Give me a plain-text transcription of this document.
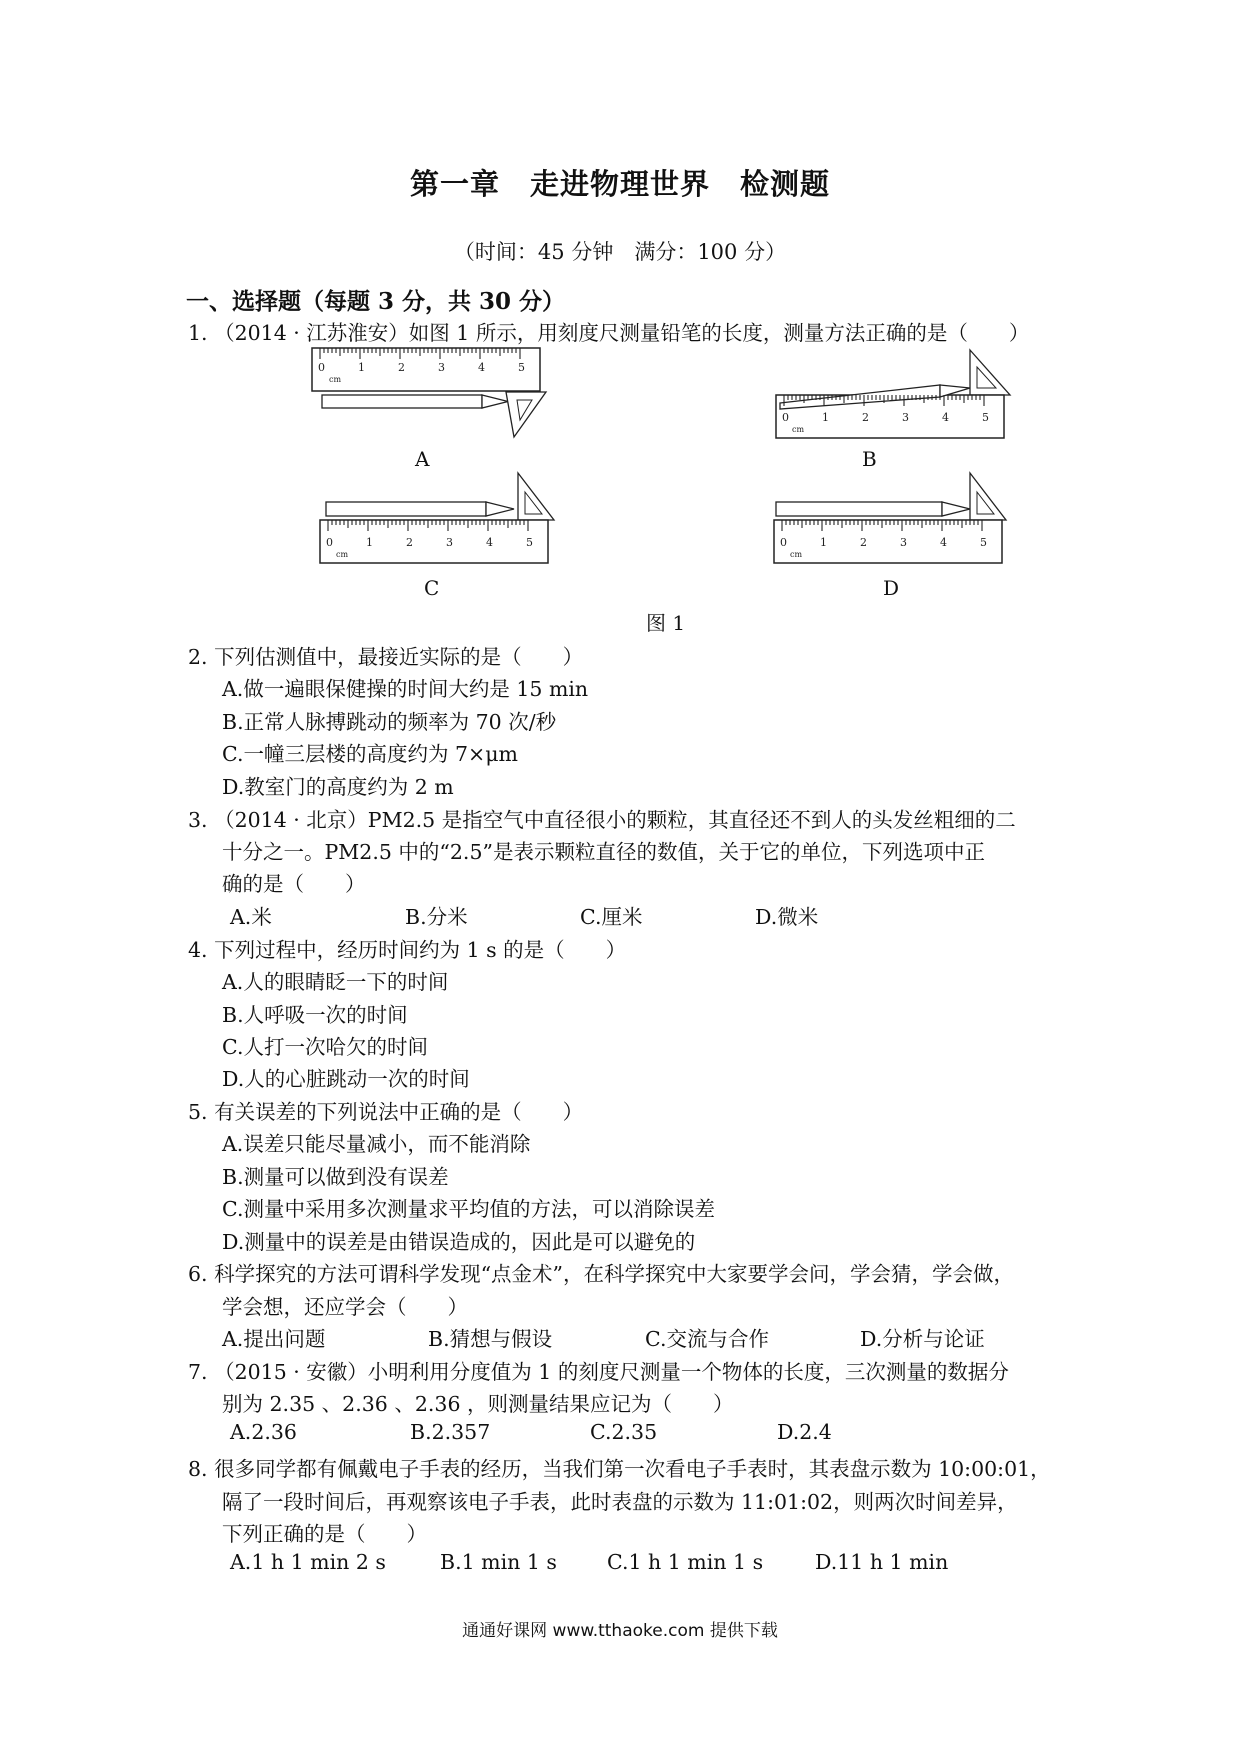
第一章　走进物理世界　检测题
（时间：45 分钟　满分：100 分）
一、选择题（每题 3 分，共 30 分）
1. （2014 · 江苏淮安）如图 1 所示，用刻度尺测量铅笔的长度，测量方法正确的是（　　）
0
cm
1	2	3	4	5
A
0
cm
1	2	3	4	5
B
0
cm
1	2	3	4	5
C
0
cm
1	2	3	4	5
D
图 1
2. 下列估测值中，最接近实际的是（　　）
A.做一遍眼保健操的时间大约是 15 min
B.正常人脉搏跳动的频率为 70 次/秒
C.一幢三层楼的高度约为 7×μm
D.教室门的高度约为 2 m
3. （2014 · 北京）PM2.5 是指空气中直径很小的颗粒，其直径还不到人的头发丝粗细的二
十分之一。PM2.5 中的“2.5”是表示颗粒直径的数值，关于它的单位，下列选项中正
确的是（　　）
A.米	B.分米	C.厘米	D.微米
4. 下列过程中，经历时间约为 1 s 的是（　　）
A.人的眼睛眨一下的时间
B.人呼吸一次的时间
C.人打一次哈欠的时间
D.人的心脏跳动一次的时间
5. 有关误差的下列说法中正确的是（　　）
A.误差只能尽量减小，而不能消除
B.测量可以做到没有误差
C.测量中采用多次测量求平均值的方法，可以消除误差
D.测量中的误差是由错误造成的，因此是可以避免的
6. 科学探究的方法可谓科学发现“点金术”，在科学探究中大家要学会问，学会猜，学会做，
学会想，还应学会（　　）
A.提出问题	B.猜想与假设	C.交流与合作	D.分析与论证
7. （2015 · 安徽）小明利用分度值为 1 的刻度尺测量一个物体的长度，三次测量的数据分
别为 2.35 、2.36 、2.36 ，则测量结果应记为（　　）
A.2.36	B.2.357	C.2.35	D.2.4
8. 很多同学都有佩戴电子手表的经历，当我们第一次看电子手表时，其表盘示数为 10:00:01，
隔了一段时间后，再观察该电子手表，此时表盘的示数为 11:01:02，则两次时间差异，
下列正确的是（　　）
A.1 h 1 min 2 s	B.1 min 1 s C.1 h 1 min 1 s	D.11 h 1 min
通通好课网 www.tthaoke.com 提供下载
